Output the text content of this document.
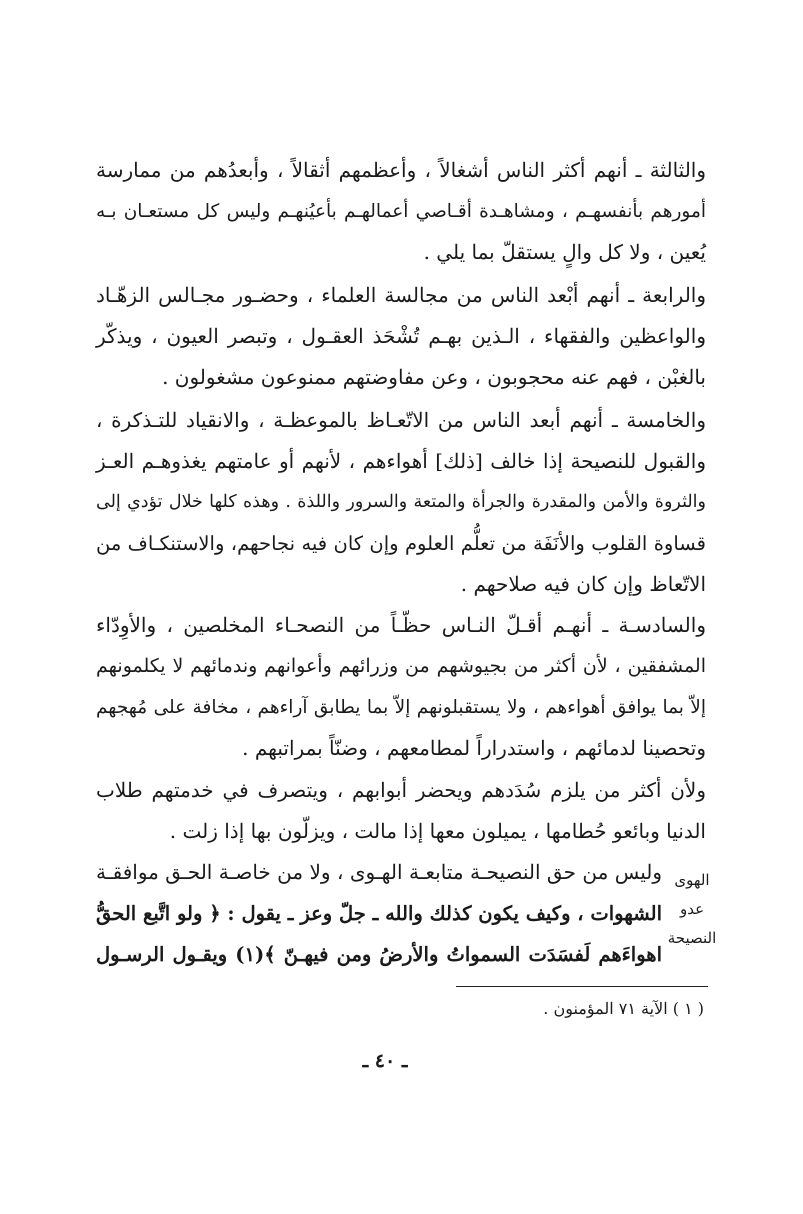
والثالثة ـ أنهم أكثر الناس أشغالاً ، وأعظمهم أثقالاً ، وأبعدُهم من ممارسة
أمورهم بأنفسهـم ، ومشاهـدة أقـاصي أعمالهـم بأعيُنهـم وليس كل مستعـان بـه
يُعين ، ولا كل والٍ يستقلّ بما يلي .
والرابعة ـ أنهم أبْعد الناس من مجالسة العلماء ، وحضـور مجـالس الزهّـاد
والواعظين والفقهاء ، الـذين بهـم تُشْحَذ العقـول ، وتبصر العيون ، ويذكّر
بالغبْن ، فهم عنه محجوبون ، وعن مفاوضتهم ممنوعون مشغولون .
والخامسة ـ أنهم أبعد الناس من الاتّعـاظ بالموعظـة ، والانقياد للتـذكرة ،
والقبول للنصيحة إذا خالف [ذلك] أهواءهم ، لأنهم أو عامتهم يغذوهـم العـز
والثروة والأمن والمقدرة والجرأة والمتعة والسرور واللذة . وهذه كلها خلال تؤدي إلى
قساوة القلوب والأنَفَة من تعلُّم العلوم وإن كان فيه نجاحهم، والاستنكـاف من
الاتّعاظ وإن كان فيه صلاحهم .
والسادسـة ـ أنهـم أقـلّ النـاس حظّـاً من النصحـاء المخلصين ، والأوِدّاء
المشفقين ، لأن أكثر من بجيوشهم من وزرائهم وأعوانهم وندمائهم لا يكلمونهم
إلاّ بما يوافق أهواءهم ، ولا يستقبلونهم إلاّ بما يطابق آراءهم ، مخافة على مُهجهم
وتحصينا لدمائهم ، واستدراراً لمطامعهم ، وضنّاً بمراتبهم .
ولأن أكثر من يلزم سُدَدهم ويحضر أبوابهم ، ويتصرف في خدمتهم طلاب
الدنيا وبائعو حُطامها ، يميلون معها إذا مالت ، ويزلّون بها إذا زلت .
وليس من حق النصيحـة متابعـة الهـوى ، ولا من خاصـة الحـق موافقـة
الشهوات ، وكيف يكون كذلك والله ـ جلّ وعز ـ يقول : ﴿ ولو اتَّبع الحقُّ
اهواءَهم لَفسَدَت السمواتُ والأرضُ ومن فيهـنّ ﴾(١) ويقـول الرسـول
الهوى
عدو
النصيحة
( ١ ) الآية ٧١ المؤمنون .
ـ ٤٠ ـ
